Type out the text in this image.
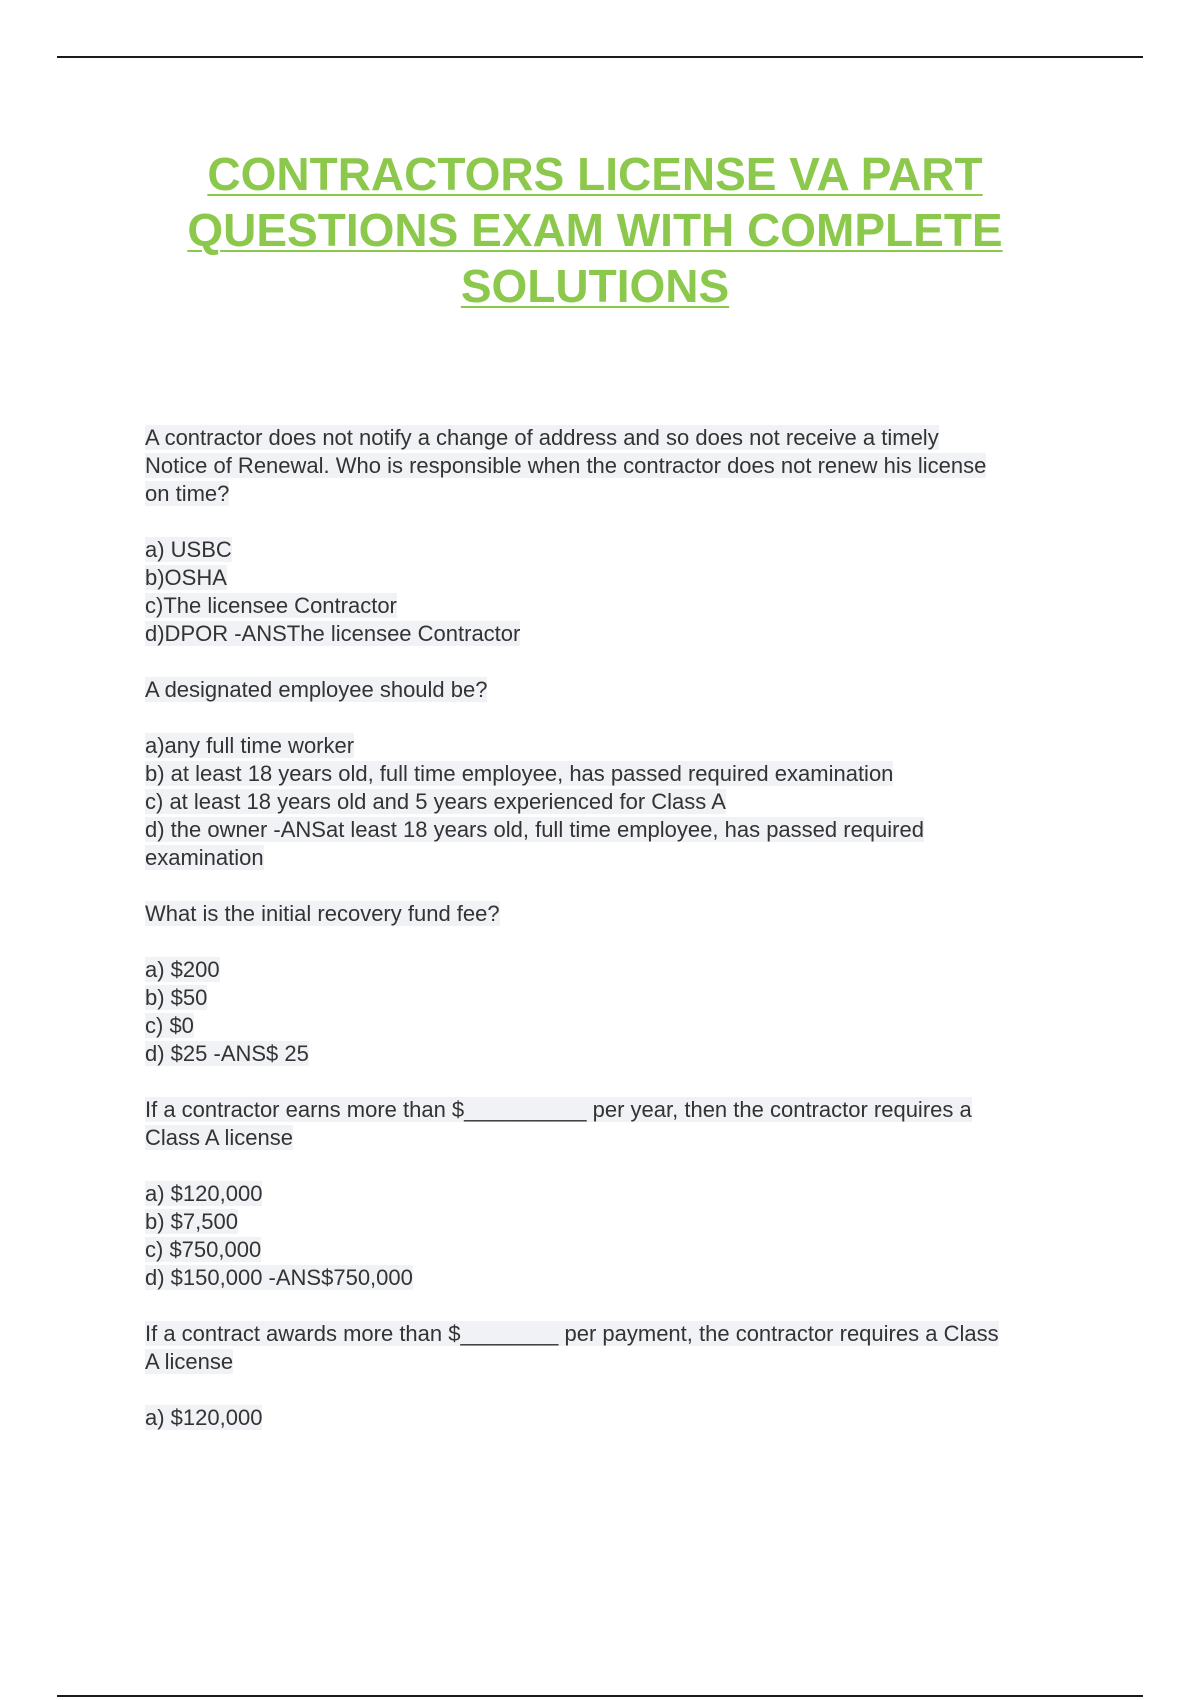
CONTRACTORS LICENSE VA PART
QUESTIONS EXAM WITH COMPLETE
SOLUTIONS
A contractor does not notify a change of address and so does not receive a timely
Notice of Renewal. Who is responsible when the contractor does not renew his license
on time?
a) USBC
b)OSHA
c)The licensee Contractor
d)DPOR -ANSThe licensee Contractor
A designated employee should be?
a)any full time worker
b) at least 18 years old, full time employee, has passed required examination
c) at least 18 years old and 5 years experienced for Class A
d) the owner -ANSat least 18 years old, full time employee, has passed required
examination
What is the initial recovery fund fee?
a) $200
b) $50
c) $0
d) $25 -ANS$ 25
If a contractor earns more than $__________ per year, then the contractor requires a
Class A license
a) $120,000
b) $7,500
c) $750,000
d) $150,000 -ANS$750,000
If a contract awards more than $________ per payment, the contractor requires a Class
A license
a) $120,000
